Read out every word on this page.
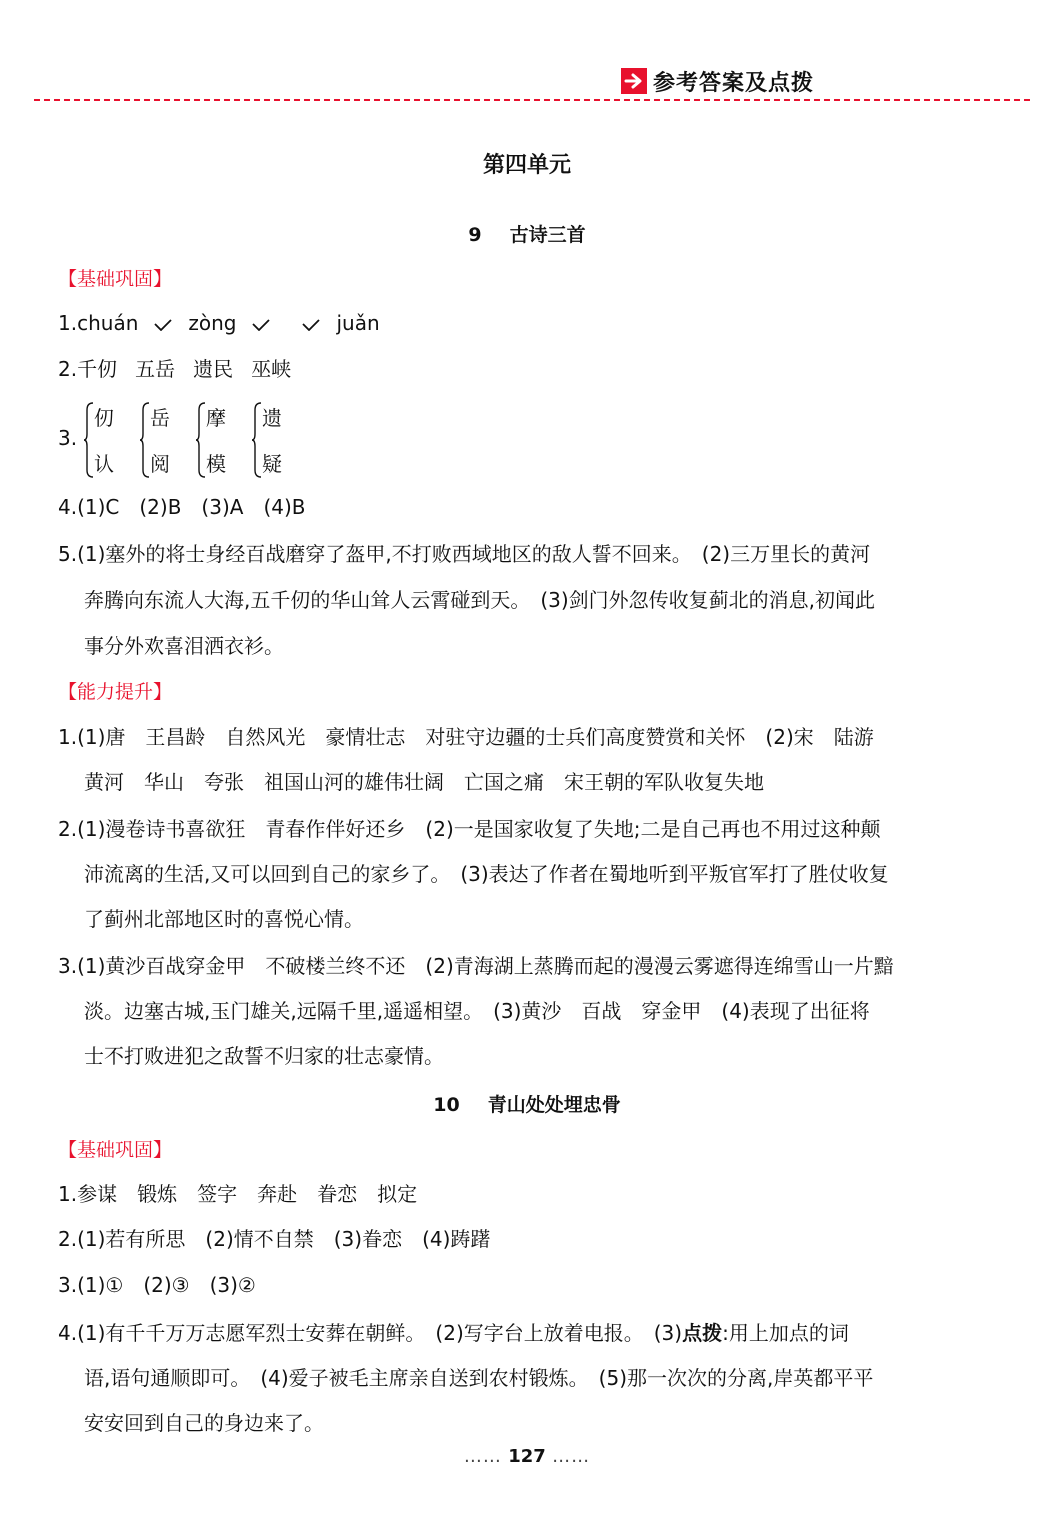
参考答案及点拨
第四单元
9 古诗三首
【基础巩固】
1.chuán	zòng	juǎn
2.千仞 五岳 遗民 巫峡
3.
仞
认
岳
阅
摩
模
遗
疑
4.(1)C　(2)B　(3)A　(4)B
5.(1)塞外的将士身经百战磨穿了盔甲,不打败西域地区的敌人誓不回来。　(2)三万里长的黄河
奔腾向东流人大海,五千仞的华山耸人云霄碰到天。　(3)剑门外忽传收复蓟北的消息,初闻此
事分外欢喜泪洒衣衫。
【能力提升】
1.(1)唐　王昌龄　自然风光　豪情壮志　对驻守边疆的士兵们高度赞赏和关怀　(2)宋　陆游
黄河　华山　夸张　祖国山河的雄伟壮阔　亡国之痛　宋王朝的军队收复失地
2.(1)漫卷诗书喜欲狂　青春作伴好还乡　(2)一是国家收复了失地;二是自己再也不用过这种颠
沛流离的生活,又可以回到自己的家乡了。　(3)表达了作者在蜀地听到平叛官军打了胜仗收复
了蓟州北部地区时的喜悦心情。
3.(1)黄沙百战穿金甲　不破楼兰终不还　(2)青海湖上蒸腾而起的漫漫云雾遮得连绵雪山一片黯
淡。边塞古城,玉门雄关,远隔千里,遥遥相望。　(3)黄沙　百战　穿金甲　(4)表现了出征将
士不打败进犯之敌誓不归家的壮志豪情。
10 青山处处埋忠骨
【基础巩固】
1.参谋　锻炼　签字　奔赴　眷恋　拟定
2.(1)若有所思　(2)情不自禁　(3)眷恋　(4)踌躇
3.(1)①　(2)③　(3)②
4.(1)有千千万万志愿军烈士安葬在朝鲜。　(2)写字台上放着电报。　(3)点拨:用上加点的词
语,语句通顺即可。　(4)爱子被毛主席亲自送到农村锻炼。　(5)那一次次的分离,岸英都平平
安安回到自己的身边来了。
…… 127 ……
